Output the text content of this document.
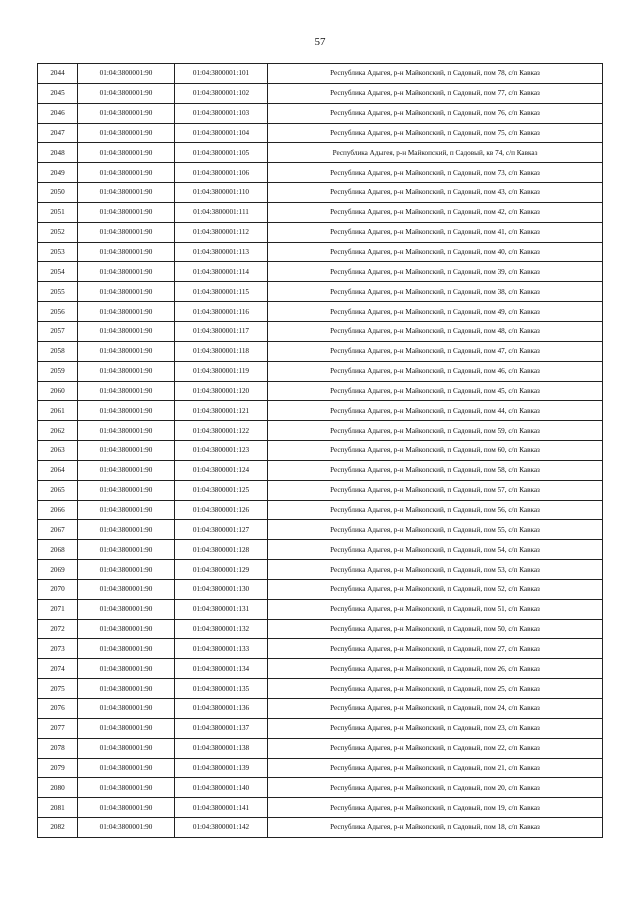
57
2044	01:04:3800001:90	01:04:3800001:101	Республика Адыгея, р-н Майкопский, п Садовый, пом 78, с/п Кавказ
2045	01:04:3800001:90	01:04:3800001:102	Республика Адыгея, р-н Майкопский, п Садовый, пом 77, с/п Кавказ
2046	01:04:3800001:90	01:04:3800001:103	Республика Адыгея, р-н Майкопский, п Садовый, пом 76, с/п Кавказ
2047	01:04:3800001:90	01:04:3800001:104	Республика Адыгея, р-н Майкопский, п Садовый, пом 75, с/п Кавказ
2048	01:04:3800001:90	01:04:3800001:105	Республика Адыгея, р-н Майкопский, п Садовый, кв 74, с/п Кавказ
2049	01:04:3800001:90	01:04:3800001:106	Республика Адыгея, р-н Майкопский, п Садовый, пом 73, с/п Кавказ
2050	01:04:3800001:90	01:04:3800001:110	Республика Адыгея, р-н Майкопский, п Садовый, пом 43, с/п Кавказ
2051	01:04:3800001:90	01:04:3800001:111	Республика Адыгея, р-н Майкопский, п Садовый, пом 42, с/п Кавказ
2052	01:04:3800001:90	01:04:3800001:112	Республика Адыгея, р-н Майкопский, п Садовый, пом 41, с/п Кавказ
2053	01:04:3800001:90	01:04:3800001:113	Республика Адыгея, р-н Майкопский, п Садовый, пом 40, с/п Кавказ
2054	01:04:3800001:90	01:04:3800001:114	Республика Адыгея, р-н Майкопский, п Садовый, пом 39, с/п Кавказ
2055	01:04:3800001:90	01:04:3800001:115	Республика Адыгея, р-н Майкопский, п Садовый, пом 38, с/п Кавказ
2056	01:04:3800001:90	01:04:3800001:116	Республика Адыгея, р-н Майкопский, п Садовый, пом 49, с/п Кавказ
2057	01:04:3800001:90	01:04:3800001:117	Республика Адыгея, р-н Майкопский, п Садовый, пом 48, с/п Кавказ
2058	01:04:3800001:90	01:04:3800001:118	Республика Адыгея, р-н Майкопский, п Садовый, пом 47, с/п Кавказ
2059	01:04:3800001:90	01:04:3800001:119	Республика Адыгея, р-н Майкопский, п Садовый, пом 46, с/п Кавказ
2060	01:04:3800001:90	01:04:3800001:120	Республика Адыгея, р-н Майкопский, п Садовый, пом 45, с/п Кавказ
2061	01:04:3800001:90	01:04:3800001:121	Республика Адыгея, р-н Майкопский, п Садовый, пом 44, с/п Кавказ
2062	01:04:3800001:90	01:04:3800001:122	Республика Адыгея, р-н Майкопский, п Садовый, пом 59, с/п Кавказ
2063	01:04:3800001:90	01:04:3800001:123	Республика Адыгея, р-н Майкопский, п Садовый, пом 60, с/п Кавказ
2064	01:04:3800001:90	01:04:3800001:124	Республика Адыгея, р-н Майкопский, п Садовый, пом 58, с/п Кавказ
2065	01:04:3800001:90	01:04:3800001:125	Республика Адыгея, р-н Майкопский, п Садовый, пом 57, с/п Кавказ
2066	01:04:3800001:90	01:04:3800001:126	Республика Адыгея, р-н Майкопский, п Садовый, пом 56, с/п Кавказ
2067	01:04:3800001:90	01:04:3800001:127	Республика Адыгея, р-н Майкопский, п Садовый, пом 55, с/п Кавказ
2068	01:04:3800001:90	01:04:3800001:128	Республика Адыгея, р-н Майкопский, п Садовый, пом 54, с/п Кавказ
2069	01:04:3800001:90	01:04:3800001:129	Республика Адыгея, р-н Майкопский, п Садовый, пом 53, с/п Кавказ
2070	01:04:3800001:90	01:04:3800001:130	Республика Адыгея, р-н Майкопский, п Садовый, пом 52, с/п Кавказ
2071	01:04:3800001:90	01:04:3800001:131	Республика Адыгея, р-н Майкопский, п Садовый, пом 51, с/п Кавказ
2072	01:04:3800001:90	01:04:3800001:132	Республика Адыгея, р-н Майкопский, п Садовый, пом 50, с/п Кавказ
2073	01:04:3800001:90	01:04:3800001:133	Республика Адыгея, р-н Майкопский, п Садовый, пом 27, с/п Кавказ
2074	01:04:3800001:90	01:04:3800001:134	Республика Адыгея, р-н Майкопский, п Садовый, пом 26, с/п Кавказ
2075	01:04:3800001:90	01:04:3800001:135	Республика Адыгея, р-н Майкопский, п Садовый, пом 25, с/п Кавказ
2076	01:04:3800001:90	01:04:3800001:136	Республика Адыгея, р-н Майкопский, п Садовый, пом 24, с/п Кавказ
2077	01:04:3800001:90	01:04:3800001:137	Республика Адыгея, р-н Майкопский, п Садовый, пом 23, с/п Кавказ
2078	01:04:3800001:90	01:04:3800001:138	Республика Адыгея, р-н Майкопский, п Садовый, пом 22, с/п Кавказ
2079	01:04:3800001:90	01:04:3800001:139	Республика Адыгея, р-н Майкопский, п Садовый, пом 21, с/п Кавказ
2080	01:04:3800001:90	01:04:3800001:140	Республика Адыгея, р-н Майкопский, п Садовый, пом 20, с/п Кавказ
2081	01:04:3800001:90	01:04:3800001:141	Республика Адыгея, р-н Майкопский, п Садовый, пом 19, с/п Кавказ
2082	01:04:3800001:90	01:04:3800001:142	Республика Адыгея, р-н Майкопский, п Садовый, пом 18, с/п Кавказ
